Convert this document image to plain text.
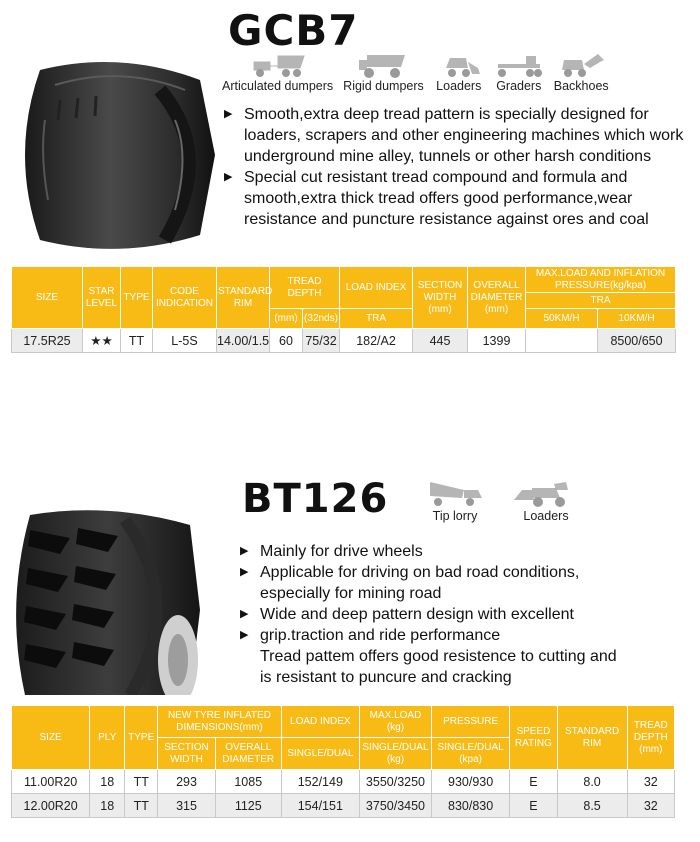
GCB7
Articulated dumpers Rigid dumpers Loaders Graders Backhoes
▶ Smooth,extra deep tread pattern is specially designed for loaders, scrapers and other engineering machines which work underground mine alley, tunnels or other harsh conditions
▶ Special cut resistant tread compound and formula and smooth,extra thick tread offers good performance,wear resistance and puncture resistance against ores and coal
SIZE	STAR LEVEL	TYPE	CODE INDICATION	STANDARD RIM	TREAD DEPTH		LOAD INDEX	SECTION WIDTH (mm)	OVERALL DIAMETER (mm)	MAX.LOAD AND INFLATION PRESSURE(kg/kpa)	
										TRA	
					(mm)	(32nds)	TRA			50KM/H	10KM/H
17.5R25	★★	TT	L-5S	14.00/1.5	60	75/32	182/A2	445	1399		8500/650
BT126	Tip lorry	Loaders
▶ Mainly for drive wheels
▶ Applicable for driving on bad road conditions,
especially for mining road
▶ Wide and deep pattern design with excellent
▶ grip.traction and ride performance
Tread pattem offers good resistence to cutting and
is resistant to puncure and cracking
SIZE	PLY	TYPE	NEW TYRE INFLATED DIMENSIONS(mm)		LOAD INDEX	MAX.LOAD (kg)	PRESSURE	SPEED RATING	STANDARD RIM	TREAD DEPTH (mm)
			SECTION WIDTH	OVERALL DIAMETER	SINGLE/DUAL	SINGLE/DUAL (kg)	SINGLE/DUAL (kpa)			
11.00R20	18	TT	293	1085	152/149	3550/3250	930/930	E	8.0	32
12.00R20	18	TT	315	1125	154/151	3750/3450	830/830	E	8.5	32
